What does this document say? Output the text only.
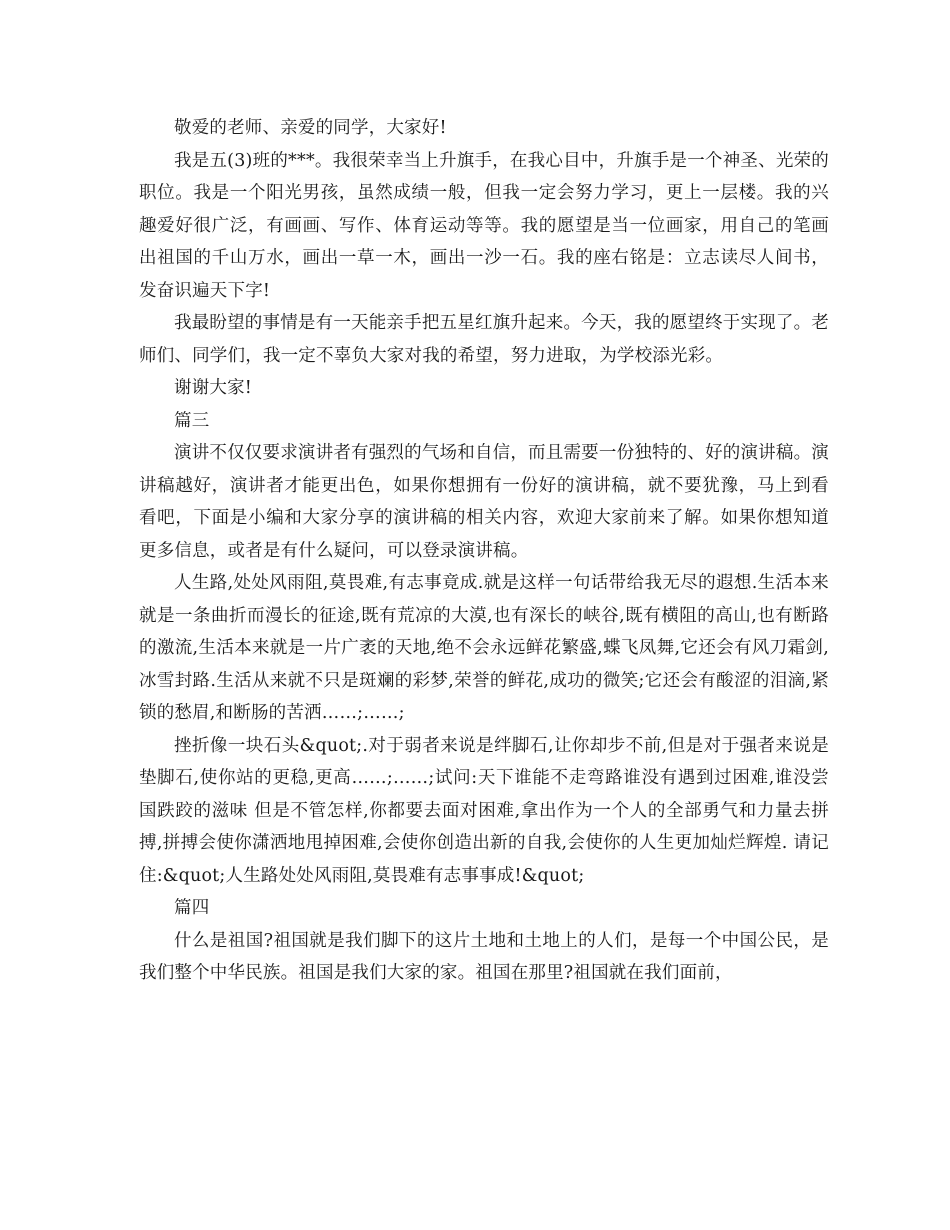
敬爱的老师、亲爱的同学，大家好!

我是五(3)班的***。我很荣幸当上升旗手，在我心目中，升旗手是一个神圣、光荣的职位。我是一个阳光男孩，虽然成绩一般，但我一定会努力学习，更上一层楼。我的兴趣爱好很广泛，有画画、写作、体育运动等等。我的愿望是当一位画家，用自己的笔画出祖国的千山万水，画出一草一木，画出一沙一石。我的座右铭是：立志读尽人间书，发奋识遍天下字!

我最盼望的事情是有一天能亲手把五星红旗升起来。今天，我的愿望终于实现了。老师们、同学们，我一定不辜负大家对我的希望，努力进取，为学校添光彩。

谢谢大家!

篇三

演讲不仅仅要求演讲者有强烈的气场和自信，而且需要一份独特的、好的演讲稿。演讲稿越好，演讲者才能更出色，如果你想拥有一份好的演讲稿，就不要犹豫，马上到看看吧，下面是小编和大家分享的演讲稿的相关内容，欢迎大家前来了解。如果你想知道更多信息，或者是有什么疑问，可以登录演讲稿。

人生路,处处风雨阻,莫畏难,有志事竟成.就是这样一句话带给我无尽的遐想.生活本来就是一条曲折而漫长的征途,既有荒凉的大漠,也有深长的峡谷,既有横阻的高山,也有断路的激流,生活本来就是一片广袤的天地,绝不会永远鲜花繁盛,蝶飞凤舞,它还会有风刀霜剑,冰雪封路.生活从来就不只是斑斓的彩梦,荣誉的鲜花,成功的微笑;它还会有酸涩的泪滴,紧锁的愁眉,和断肠的苦洒……;……;

挫折像一块石头&quot;.对于弱者来说是绊脚石,让你却步不前,但是对于强者来说是垫脚石,使你站的更稳,更高……;……;试问:天下谁能不走弯路谁没有遇到过困难,谁没尝国跌跤的滋味 但是不管怎样,你都要去面对困难,拿出作为一个人的全部勇气和力量去拼搏,拼搏会使你潇洒地甩掉困难,会使你创造出新的自我,会使你的人生更加灿烂辉煌. 请记住:&quot;人生路处处风雨阻,莫畏难有志事事成!&quot;

篇四

什么是祖国?祖国就是我们脚下的这片土地和土地上的人们，是每一个中国公民，是我们整个中华民族。祖国是我们大家的家。祖国在那里?祖国就在我们面前，
